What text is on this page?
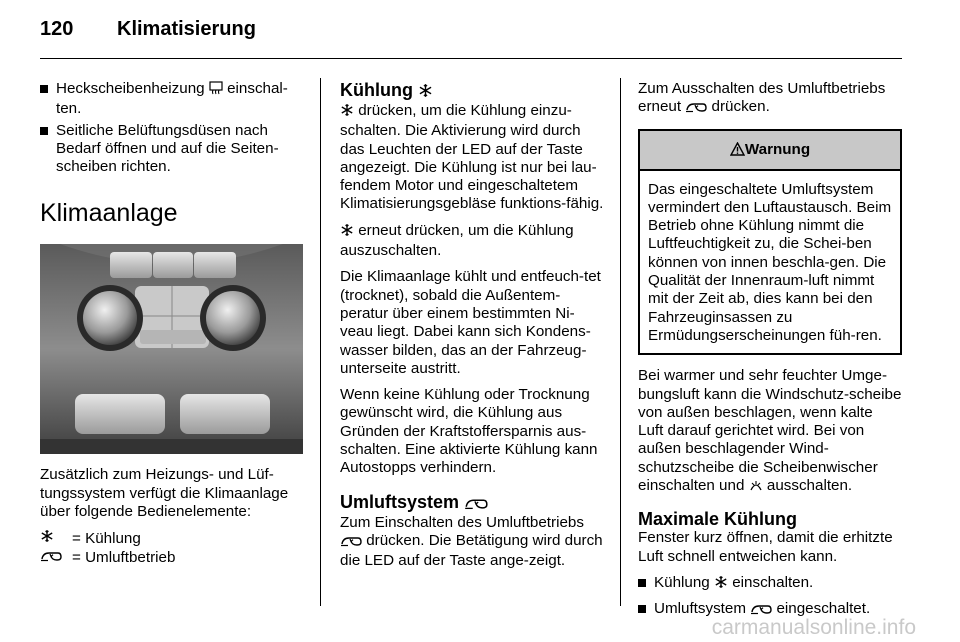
120 Klimatisierung
Heckscheibenheizung einschal-ten.
Seitliche Belüftungsdüsen nach Bedarf öffnen und auf die Seiten-scheiben richten.
Klimaanlage

Zusätzlich zum Heizungs- und Lüf-tungssystem verfügt die Klimaanlage über folgende Bedienelemente:

= Kühlung
= Umluftbetrieb
Kühlung

drücken, um die Kühlung einzu-schalten. Die Aktivierung wird durch das Leuchten der LED auf der Taste angezeigt. Die Kühlung ist nur bei lau-fendem Motor und eingeschaltetem Klimatisierungsgebläse funktions-fähig.

erneut drücken, um die Kühlung auszuschalten.

Die Klimaanlage kühlt und entfeuch-tet (trocknet), sobald die Außentem-peratur über einem bestimmten Ni-veau liegt. Dabei kann sich Kondens-wasser bilden, das an der Fahrzeug-unterseite austritt.

Wenn keine Kühlung oder Trocknung gewünscht wird, die Kühlung aus Gründen der Kraftstoffersparnis aus-schalten. Eine aktivierte Kühlung kann Autostopps verhindern.

Umluftsystem

Zum Einschalten des Umluftbetriebs  drücken. Die Betätigung wird durch die LED auf der Taste ange-zeigt.

Zum Ausschalten des Umluftbetriebs erneut drücken.

Warnung
Das eingeschaltete Umluftsystem vermindert den Luftaustausch. Beim Betrieb ohne Kühlung nimmt die Luftfeuchtigkeit zu, die Schei-ben können von innen beschla-gen. Die Qualität der Innenraum-luft nimmt mit der Zeit ab, dies kann bei den Fahrzeuginsassen zu Ermüdungserscheinungen füh-ren.

Bei warmer und sehr feuchter Umge-bungsluft kann die Windschutz-scheibe von außen beschlagen, wenn kalte Luft darauf gerichtet wird. Bei von außen beschlagender Wind-schutzscheibe die Scheibenwischer einschalten und ausschalten.

Maximale Kühlung

Fenster kurz öffnen, damit die erhitzte Luft schnell entweichen kann.

Kühlung einschalten.
Umluftsystem eingeschaltet.
carmanualsonline.info
